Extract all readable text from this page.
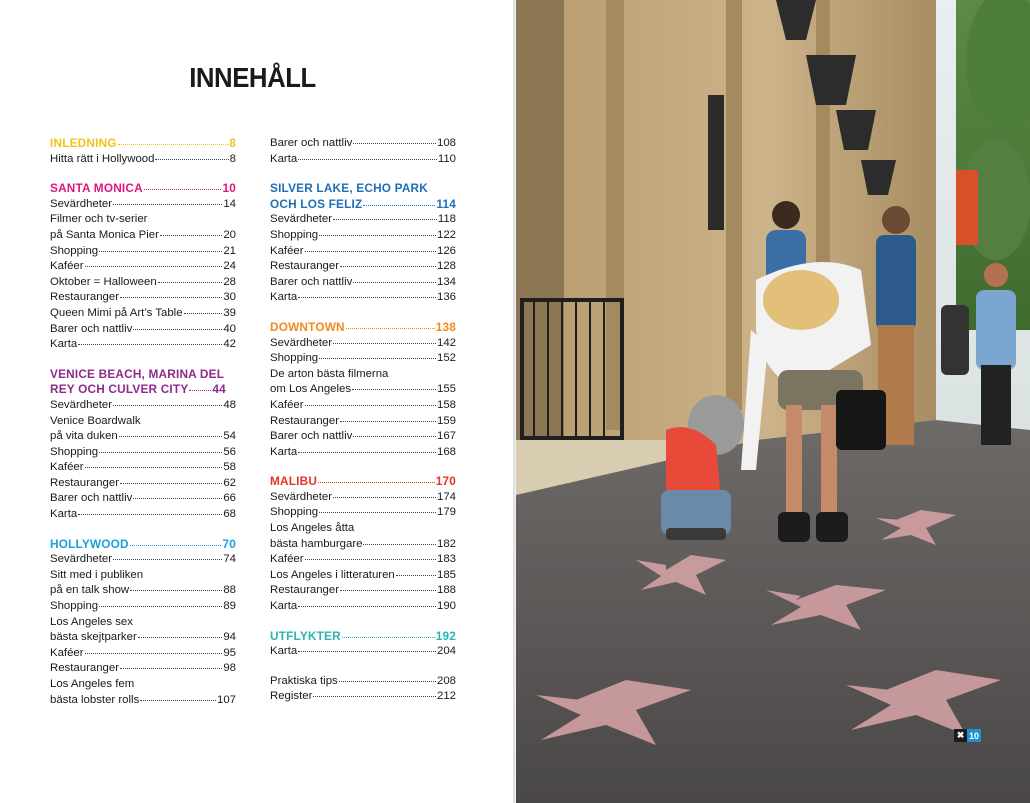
INNEHÅLL
INLEDNING	8
Hitta rätt i Hollywood	8
SANTA MONICA	10
Sevärdheter	14
Filmer och tv-serier
på Santa Monica Pier	20
Shopping	21
Kaféer	24
Oktober = Halloween	28
Restauranger	30
Queen Mimi på Art’s Table	39
Barer och nattliv	40
Karta	42
VENICE BEACH, MARINA DEL
REY OCH CULVER CITY 44
Sevärdheter	48
Venice Boardwalk
på vita duken	54
Shopping	56
Kaféer	58
Restauranger	62
Barer och nattliv	66
Karta	68
HOLLYWOOD	70
Sevärdheter	74
Sitt med i publiken
på en talk show	88
Shopping	89
Los Angeles sex
bästa skejtparker	94
Kaféer	95
Restauranger	98
Los Angeles fem
bästa lobster rolls	107
Barer och nattliv	108
Karta	110
SILVER LAKE, ECHO PARK
OCH LOS FELIZ	114
Sevärdheter	118
Shopping	122
Kaféer	126
Restauranger	128
Barer och nattliv	134
Karta	136
DOWNTOWN	138
Sevärdheter	142
Shopping	152
De arton bästa filmerna
om Los Angeles	155
Kaféer	158
Restauranger	159
Barer och nattliv	167
Karta	168
MALIBU	170
Sevärdheter	174
Shopping	179
Los Angeles åtta
bästa hamburgare	182
Kaféer	183
Los Angeles i litteraturen	185
Restauranger	188
Karta	190
UTFLYKTER	192
Karta	204
Praktiska tips	208
Register	212
✖ 10
